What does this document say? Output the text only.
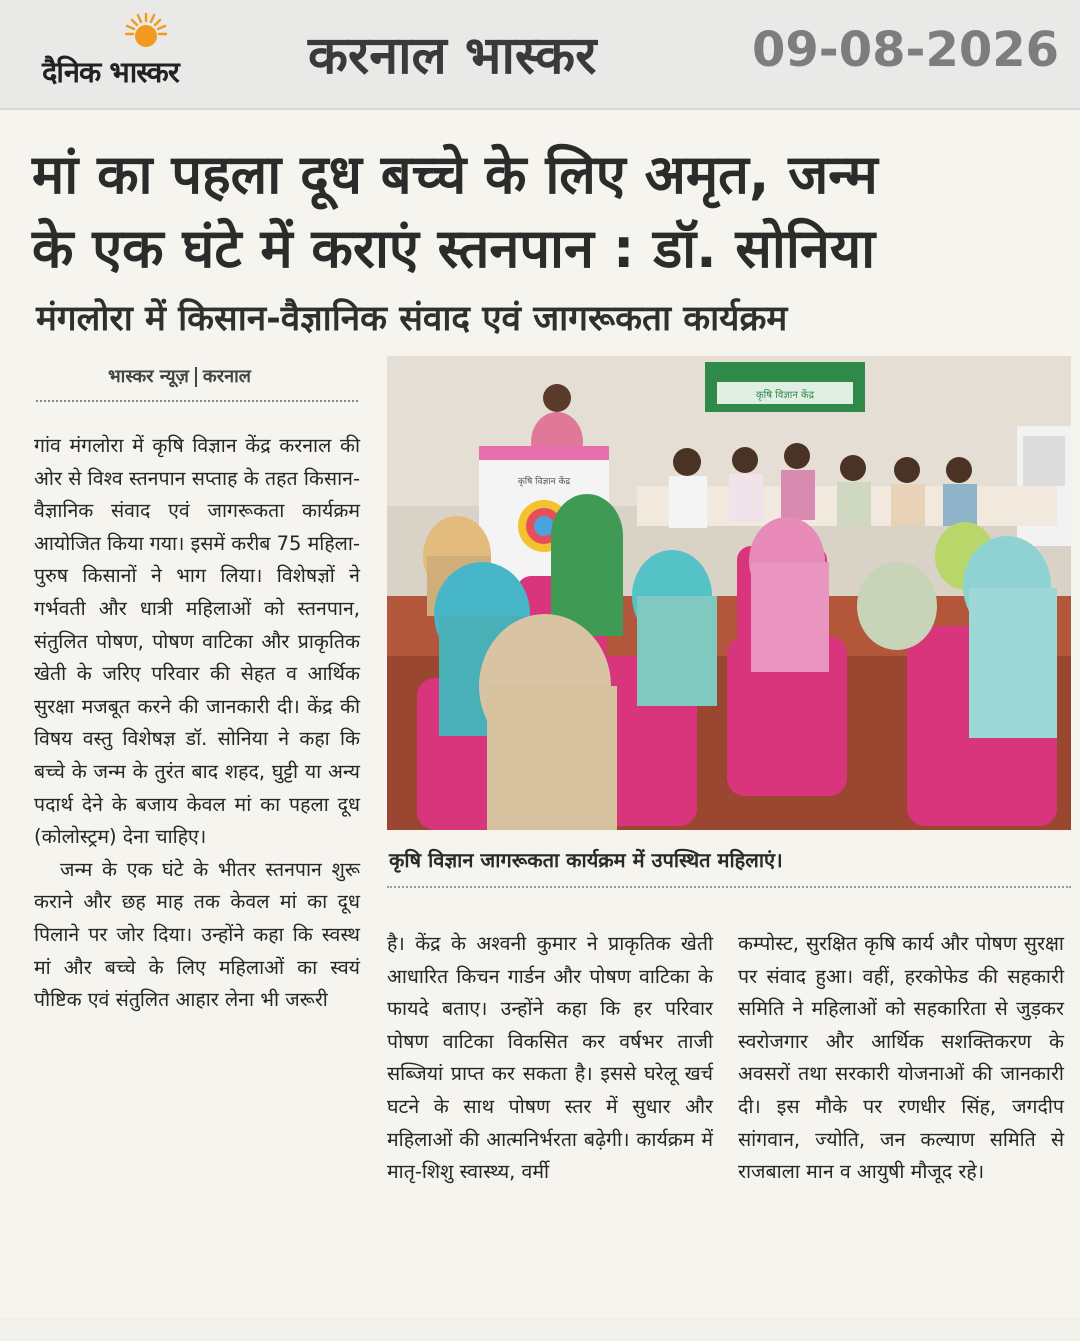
दैनिक भास्कर	करनाल भास्कर	09-08-2026
मां का पहला दूध बच्चे के लिए अमृत, जन्म
के एक घंटे में कराएं स्तनपान : डॉ. सोनिया
मंगलोरा में किसान-वैज्ञानिक संवाद एवं जागरूकता कार्यक्रम
भास्कर न्यूज़ करनाल

गांव मंगलोरा में कृषि विज्ञान केंद्र करनाल की ओर से विश्व स्तनपान सप्ताह के तहत किसान-वैज्ञानिक संवाद एवं जागरूकता कार्यक्रम आयोजित किया गया। इसमें करीब 75 महिला-पुरुष किसानों ने भाग लिया। विशेषज्ञों ने गर्भवती और धात्री महिलाओं को स्तनपान, संतुलित पोषण, पोषण वाटिका और प्राकृतिक खेती के जरिए परिवार की सेहत व आर्थिक सुरक्षा मजबूत करने की जानकारी दी। केंद्र की विषय वस्तु विशेषज्ञ डॉ. सोनिया ने कहा कि बच्चे के जन्म के तुरंत बाद शहद, घुट्टी या अन्य पदार्थ देने के बजाय केवल मां का पहला दूध (कोलोस्ट्रम) देना चाहिए।

जन्म के एक घंटे के भीतर स्तनपान शुरू कराने और छह माह तक केवल मां का दूध पिलाने पर जोर दिया। उन्होंने कहा कि स्वस्थ मां और बच्चे के लिए महिलाओं का स्वयं पौष्टिक एवं संतुलित आहार लेना भी जरूरी

कृषि विज्ञान केंद्र
कृषि विज्ञान केंद्र
कृषि विज्ञान जागरूकता कार्यक्रम में उपस्थित महिलाएं।

है। केंद्र के अश्वनी कुमार ने प्राकृतिक खेती आधारित किचन गार्डन और पोषण वाटिका के फायदे बताए। उन्होंने कहा कि हर परिवार पोषण वाटिका विकसित कर वर्षभर ताजी सब्जियां प्राप्त कर सकता है। इससे घरेलू खर्च घटने के साथ पोषण स्तर में सुधार और महिलाओं की आत्मनिर्भरता बढ़ेगी। कार्यक्रम में मातृ-शिशु स्वास्थ्य, वर्मी

कम्पोस्ट, सुरक्षित कृषि कार्य और पोषण सुरक्षा पर संवाद हुआ। वहीं, हरकोफेड की सहकारी समिति ने महिलाओं को सहकारिता से जुड़कर स्वरोजगार और आर्थिक सशक्तिकरण के अवसरों तथा सरकारी योजनाओं की जानकारी दी। इस मौके पर रणधीर सिंह, जगदीप सांगवान, ज्योति, जन कल्याण समिति से राजबाला मान व आयुषी मौजूद रहे।
